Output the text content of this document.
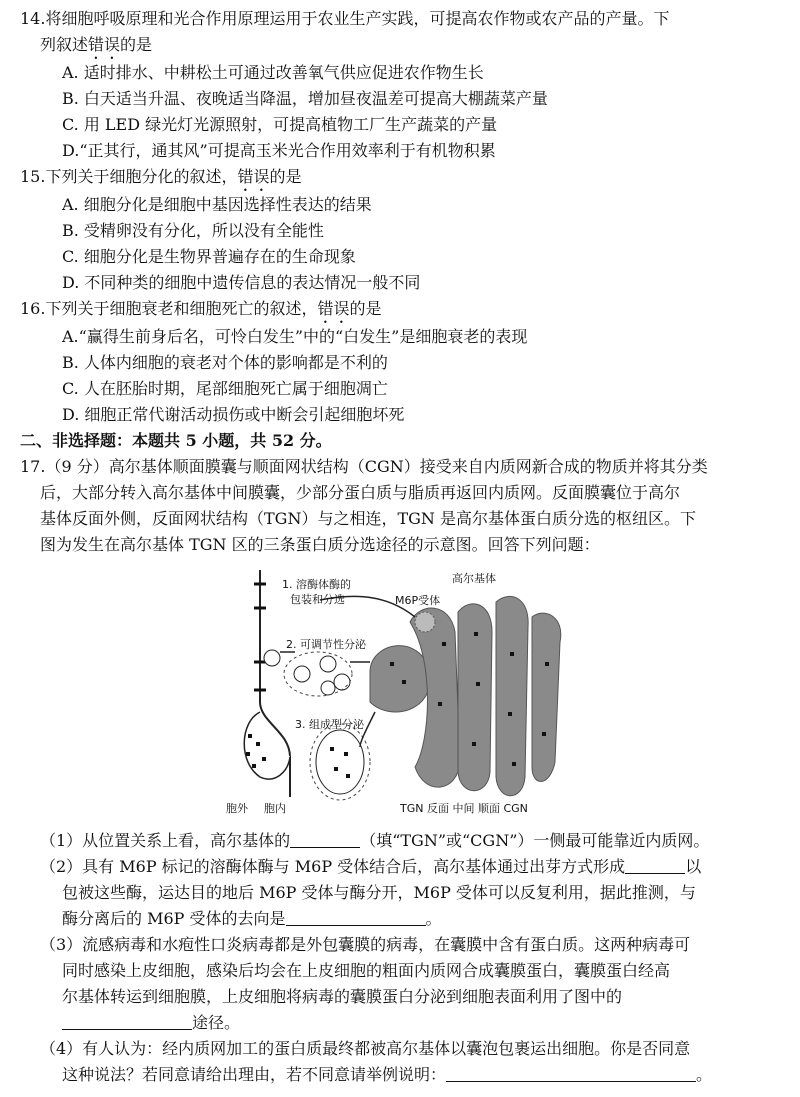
14.将细胞呼吸原理和光合作用原理运用于农业生产实践，可提高农作物或农产品的产量。下
列叙述错误的是
A. 适时排水、中耕松土可通过改善氧气供应促进农作物生长
B. 白天适当升温、夜晚适当降温，增加昼夜温差可提高大棚蔬菜产量
C. 用 LED 绿光灯光源照射，可提高植物工厂生产蔬菜的产量
D.“正其行，通其风”可提高玉米光合作用效率利于有机物积累
15.下列关于细胞分化的叙述，错误的是
A. 细胞分化是细胞中基因选择性表达的结果
B. 受精卵没有分化，所以没有全能性
C. 细胞分化是生物界普遍存在的生命现象
D. 不同种类的细胞中遗传信息的表达情况一般不同
16.下列关于细胞衰老和细胞死亡的叙述，错误的是
A.“赢得生前身后名，可怜白发生”中的“白发生”是细胞衰老的表现
B. 人体内细胞的衰老对个体的影响都是不利的
C. 人在胚胎时期，尾部细胞死亡属于细胞凋亡
D. 细胞正常代谢活动损伤或中断会引起细胞坏死
二、非选择题：本题共 5 小题，共 52 分。
17.（9 分）高尔基体顺面膜囊与顺面网状结构（CGN）接受来自内质网新合成的物质并将其分类
后，大部分转入高尔基体中间膜囊，少部分蛋白质与脂质再返回内质网。反面膜囊位于高尔
基体反面外侧，反面网状结构（TGN）与之相连，TGN 是高尔基体蛋白质分选的枢纽区。下
图为发生在高尔基体 TGN 区的三条蛋白质分选途径的示意图。回答下列问题：
1. 溶酶体酶的
包装和分选	M6P受体
高尔基体
2. 可调节性分泌
3. 组成型分泌
胞外 胞内	TGN 反面 中间 顺面 CGN
（1）从位置关系上看，高尔基体的	（填“TGN”或“CGN”）一侧最可能靠近内质网。
（2）具有 M6P 标记的溶酶体酶与 M6P 受体结合后，高尔基体通过出芽方式形成	以
包被这些酶，运达目的地后 M6P 受体与酶分开，M6P 受体可以反复利用，据此推测，与
酶分离后的 M6P 受体的去向是	。
（3）流感病毒和水疱性口炎病毒都是外包囊膜的病毒，在囊膜中含有蛋白质。这两种病毒可
同时感染上皮细胞，感染后均会在上皮细胞的粗面内质网合成囊膜蛋白，囊膜蛋白经高
尔基体转运到细胞膜，上皮细胞将病毒的囊膜蛋白分泌到细胞表面利用了图中的
途径。
（4）有人认为：经内质网加工的蛋白质最终都被高尔基体以囊泡包裹运出细胞。你是否同意
这种说法？若同意请给出理由，若不同意请举例说明：	。
